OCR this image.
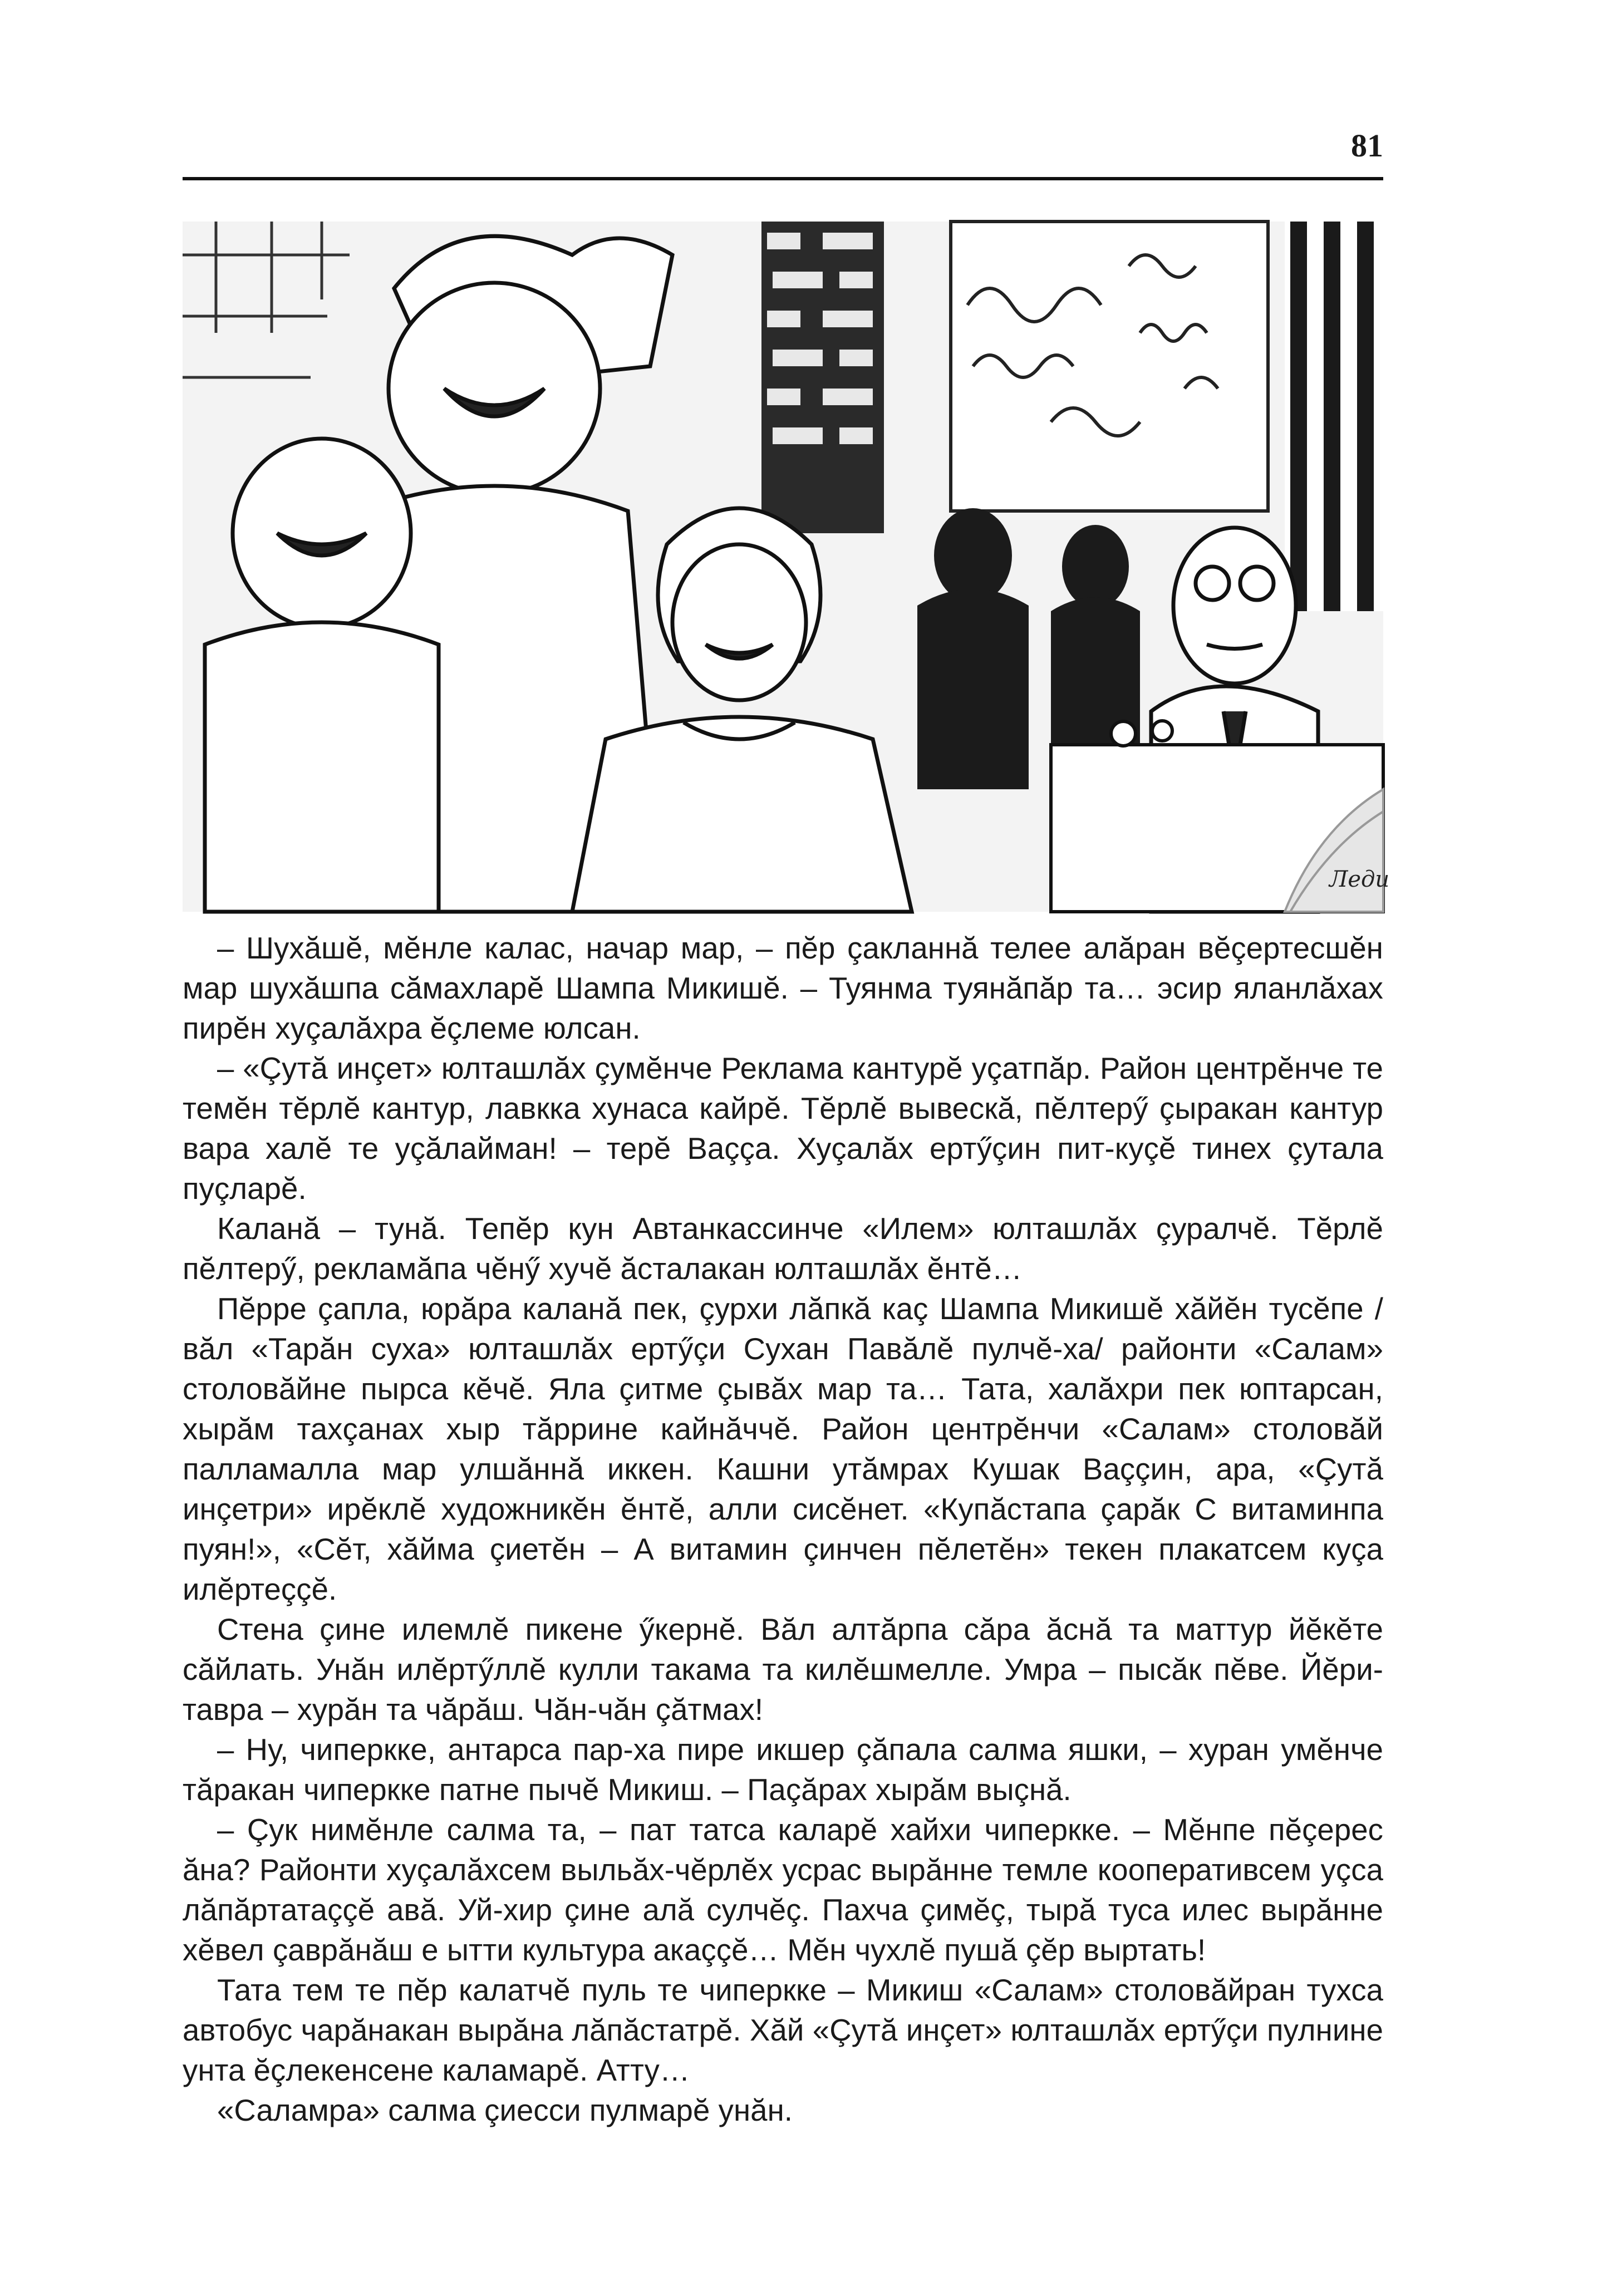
81
Леди

– Шухăшĕ, мĕнле калас, начар мар, – пĕр çакланнă телее алăран вĕçертесшĕн мар шухăшпа сăмахларĕ Шампа Микишĕ. – Туянма туянăпăр та… эсир яланлăхах пирĕн хуçалăхра ĕçлеме юлсан.

– «Çутă инçет» юлташлăх çумĕнче Реклама кантурĕ уçатпăр. Район центрĕнче те темĕн тĕрлĕ кантур, лавкка хунаса кайрĕ. Тĕрлĕ вывескă, пĕлтерӳ çыракан кантур вара халĕ те уçăлайман! – терĕ Ваççа. Хуçалăх ертӳçин пит-куçĕ тинех çутала пуçларĕ.

Каланă – тунă. Тепĕр кун Автанкассинче «Илем» юлташлăх çуралчĕ. Тĕрлĕ пĕлтерӳ, рекламăпа чĕнӳ хучĕ ăсталакан юлташлăх ĕнтĕ…

Пĕрре çапла, юрăра каланă пек, çурхи лăпкă каç Шампа Микишĕ хăйĕн тусĕпе /вăл «Тарăн суха» юлташлăх ертӳçи Сухан Павăлĕ пулчĕ-ха/ районти «Салам» столовăйне пырса кĕчĕ. Яла çитме çывăх мар та… Тата, халăхри пек юптарсан, хырăм тахçанах хыр тăррине кайнăччĕ. Район центрĕнчи «Салам» столовăй палламалла мар улшăннă иккен. Кашни утăмрах Кушак Ваççин, ара, «Çутă инçетри» ирĕклĕ художникĕн ĕнтĕ, алли сисĕнет. «Купăстапа çарăк С витаминпа пуян!», «Сĕт, хăйма çиетĕн – А витамин çинчен пĕлетĕн» текен плакатсем куçа илĕртеççĕ.

Стена çине илемлĕ пикене ӳкернĕ. Вăл алтăрпа сăра ăснă та маттур йĕкĕте сăйлать. Унăн илĕртӳллĕ кулли такама та килĕшмелле. Умра – пысăк пĕве. Йĕри-тавра – хурăн та чăрăш. Чăн-чăн çăтмах!

– Ну, чиперкке, антарса пар-ха пире икшер çăпала салма яшки, – хуран умĕнче тăракан чиперкке патне пычĕ Микиш. – Паçăрах хырăм выçнă.

– Çук нимĕнле салма та, – пат татса каларĕ хайхи чиперкке. – Мĕнпе пĕçерес ăна? Районти хуçалăхсем выльăх-чĕрлĕх усрас вырăнне темле кооперативсем уçса лăпăртатаççĕ авă. Уй-хир çине алă сулчĕç. Пахча çимĕç, тырă туса илес вырăнне хĕвел çаврăнăш е ытти культура акаççĕ… Мĕн чухлĕ пушă çĕр выртать!

Тата тем те пĕр калатчĕ пуль те чиперкке – Микиш «Салам» столовăйран тухса автобус чарăнакан вырăна лăпăстатрĕ. Хăй «Çутă инçет» юлташлăх ертӳçи пулнине унта ĕçлекенсене каламарĕ. Атту…

«Саламра» салма çиесси пулмарĕ унăн.
